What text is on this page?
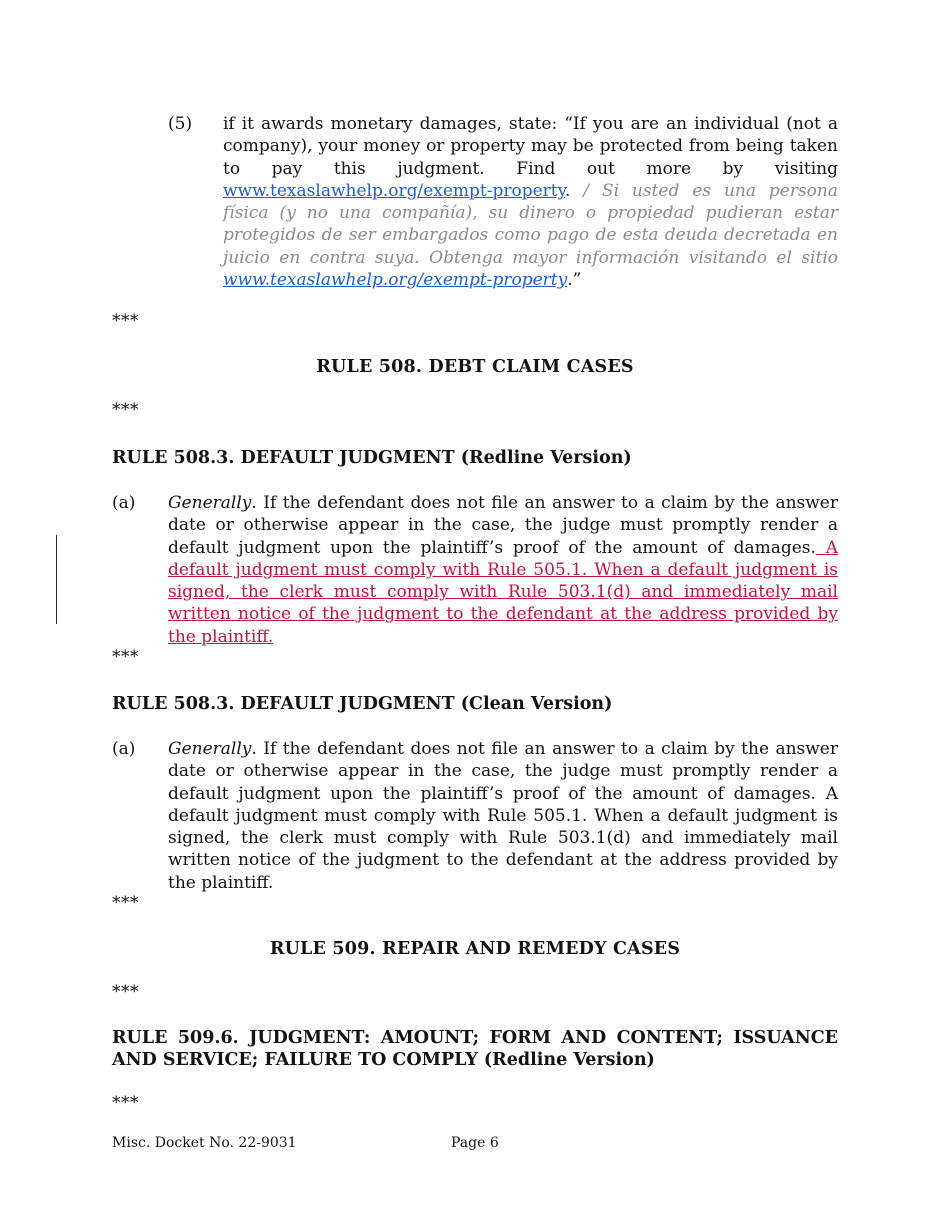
(5) if it awards monetary damages, state: “If you are an individual (not a company), your money or property may be protected from being taken to pay this judgment. Find out more by visiting www.texaslawhelp.org/exempt-property. / Si usted es una persona física (y no una compañía), su dinero o propiedad pudieran estar protegidos de ser embargados como pago de esta deuda decretada en juicio en contra suya. Obtenga mayor información visitando el sitio www.texaslawhelp.org/exempt-property.”
***
RULE 508. DEBT CLAIM CASES
***
RULE 508.3. DEFAULT JUDGMENT (Redline Version)
(a) Generally. If the defendant does not file an answer to a claim by the answer date or otherwise appear in the case, the judge must promptly render a default judgment upon the plaintiff’s proof of the amount of damages. A default judgment must comply with Rule 505.1. When a default judgment is signed, the clerk must comply with Rule 503.1(d) and immediately mail written notice of the judgment to the defendant at the address provided by the plaintiff.
***
RULE 508.3. DEFAULT JUDGMENT (Clean Version)
(a) Generally. If the defendant does not file an answer to a claim by the answer date or otherwise appear in the case, the judge must promptly render a default judgment upon the plaintiff’s proof of the amount of damages. A default judgment must comply with Rule 505.1. When a default judgment is signed, the clerk must comply with Rule 503.1(d) and immediately mail written notice of the judgment to the defendant at the address provided by the plaintiff.
***
RULE 509. REPAIR AND REMEDY CASES
***
RULE 509.6. JUDGMENT: AMOUNT; FORM AND CONTENT; ISSUANCE AND SERVICE; FAILURE TO COMPLY (Redline Version)
***
Misc. Docket No. 22-9031	Page 6
